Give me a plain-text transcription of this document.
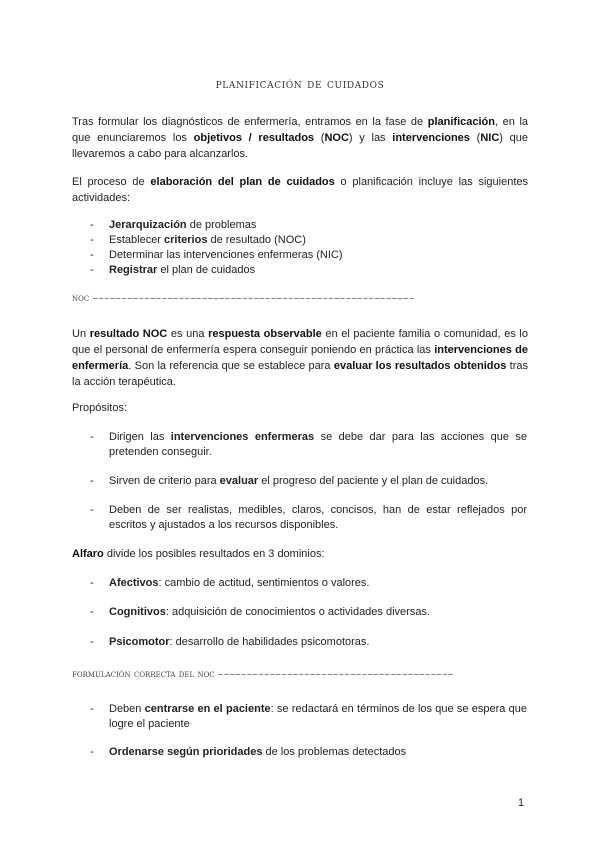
planificación de cuidados
Tras formular los diagnósticos de enfermería, entramos en la fase de planificación, en la que enunciaremos los objetivos / resultados (NOC) y las intervenciones (NIC) que llevaremos a cabo para alcanzarlos.
El proceso de elaboración del plan de cuidados o planificación incluye las siguientes actividades:
- Jerarquización de problemas
- Establecer criterios de resultado (NOC)
- Determinar las intervenciones enfermeras (NIC)
- Registrar el plan de cuidados
noc ––––––––––––––––––––––––––––––––––––––––––––––––––––––––
Un resultado NOC es una respuesta observable en el paciente familia o comunidad, es lo que el personal de enfermería espera conseguir poniendo en práctica las intervenciones de enfermería. Son la referencia que se establece para evaluar los resultados obtenidos tras la acción terapéutica.
Propósitos:
- Dirigen las intervenciones enfermeras se debe dar para las acciones que se pretenden conseguir.
- Sirven de criterio para evaluar el progreso del paciente y el plan de cuidados.
- Deben de ser realistas, medibles, claros, concisos, han de estar reflejados por escritos y ajustados a los recursos disponibles.
Alfaro divide los posibles resultados en 3 dominios:
- Afectivos: cambio de actitud, sentimientos o valores.
- Cognitivos: adquisición de conocimientos o actividades diversas.
- Psicomotor: desarrollo de habilidades psicomotoras.
formulación correcta del noc –––––––––––––––––––––––––––––––––––––––––
- Deben centrarse en el paciente: se redactará en términos de los que se espera que logre el paciente
- Ordenarse según prioridades de los problemas detectados
1
